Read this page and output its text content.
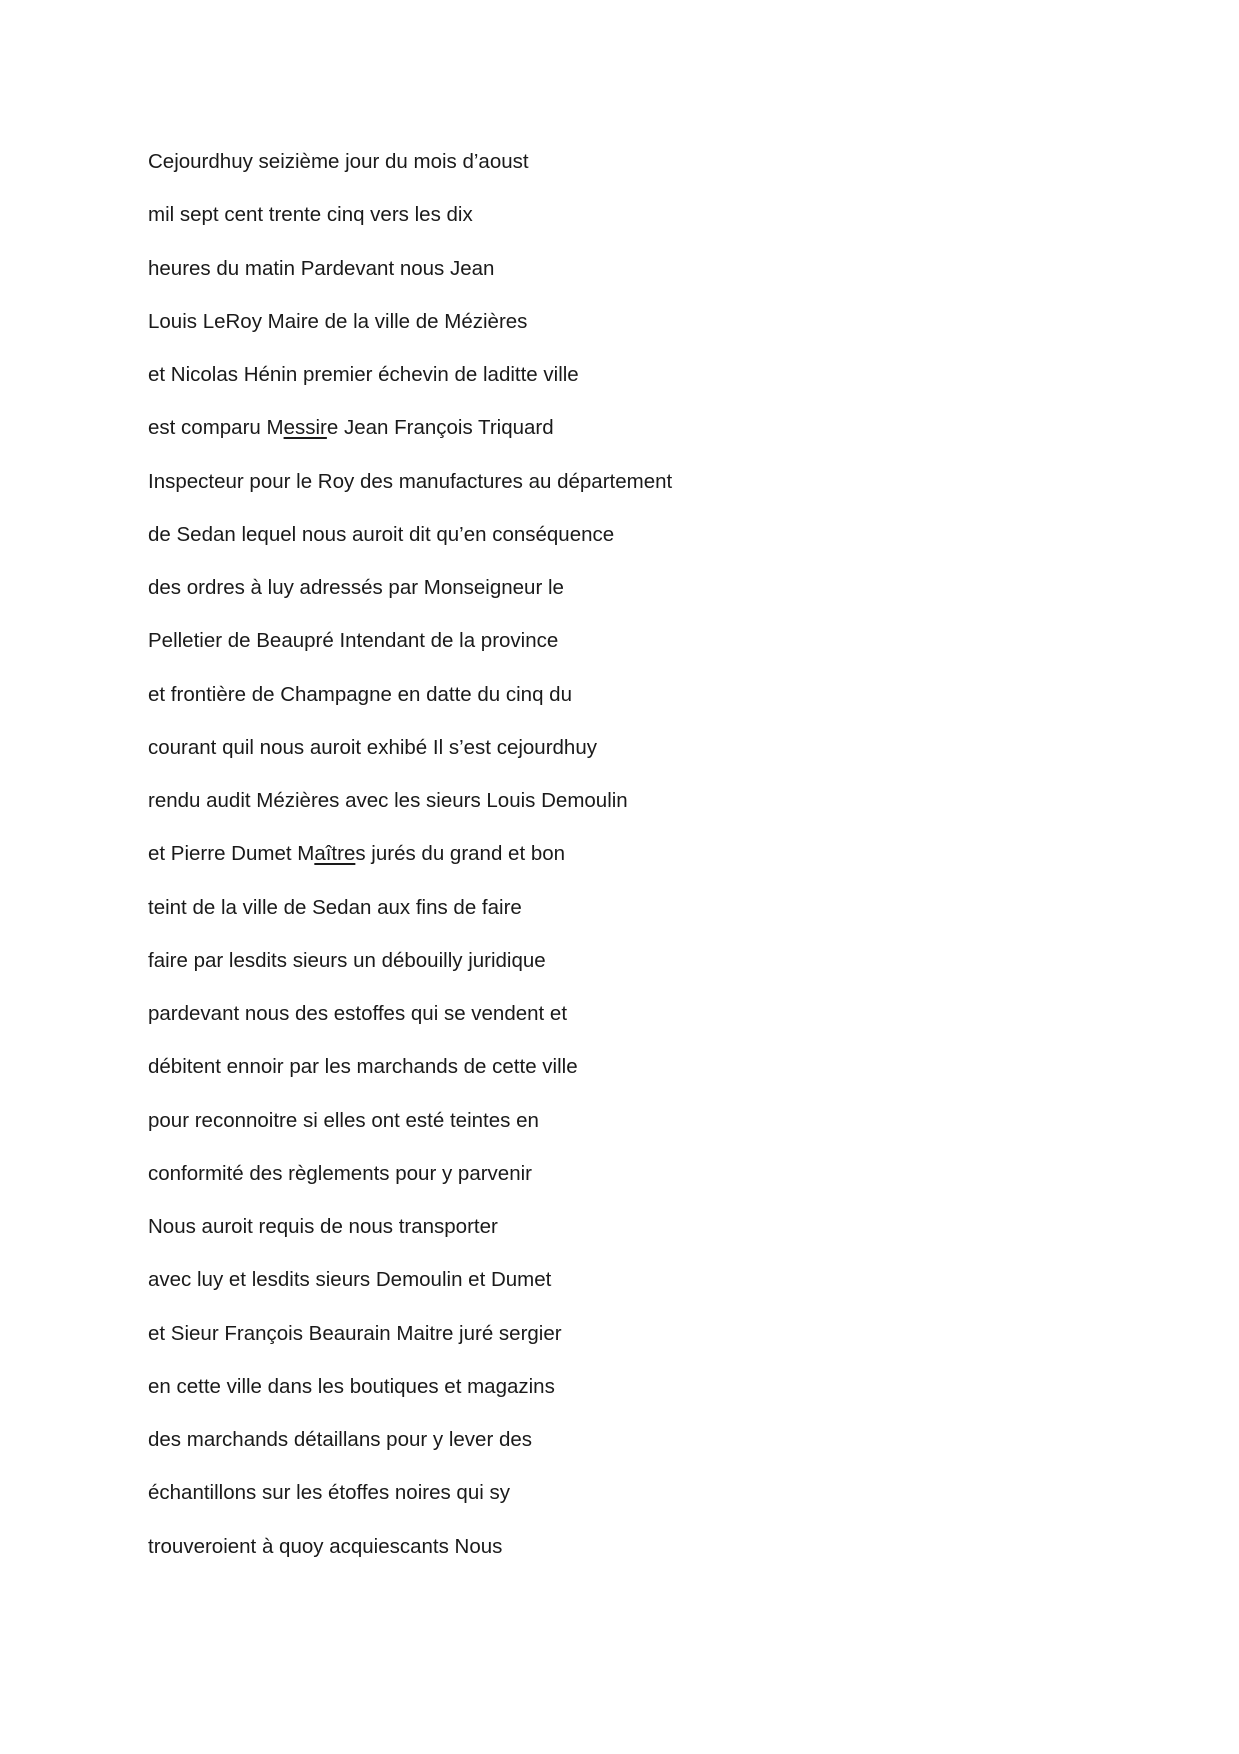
Cejourdhuy seizième jour du mois d’aoust
mil sept cent trente cinq vers les dix
heures du matin Pardevant nous Jean
Louis LeRoy Maire de la ville de Mézières
et Nicolas Hénin premier échevin de laditte ville
est comparu Messire Jean François Triquard
Inspecteur pour le Roy des manufactures au département
de Sedan lequel nous auroit dit qu’en conséquence
des ordres à luy adressés par Monseigneur le
Pelletier de Beaupré Intendant de la province
et frontière de Champagne en datte du cinq du
courant quil nous auroit exhibé Il s’est cejourdhuy
rendu audit Mézières avec les sieurs Louis Demoulin
et Pierre Dumet Maîtres jurés du grand et bon
teint de la ville de Sedan aux fins de faire
faire par lesdits sieurs un débouilly juridique
pardevant nous des estoffes qui se vendent et
débitent ennoir par les marchands de cette ville
pour reconnoitre si elles ont esté teintes en
conformité des règlements pour y parvenir
Nous auroit requis de nous transporter
avec luy et lesdits sieurs Demoulin et Dumet
et Sieur François Beaurain Maitre juré sergier
en cette ville dans les boutiques et magazins
des marchands détaillans pour y lever des
échantillons sur les étoffes noires qui sy
trouveroient à quoy acquiescants Nous
